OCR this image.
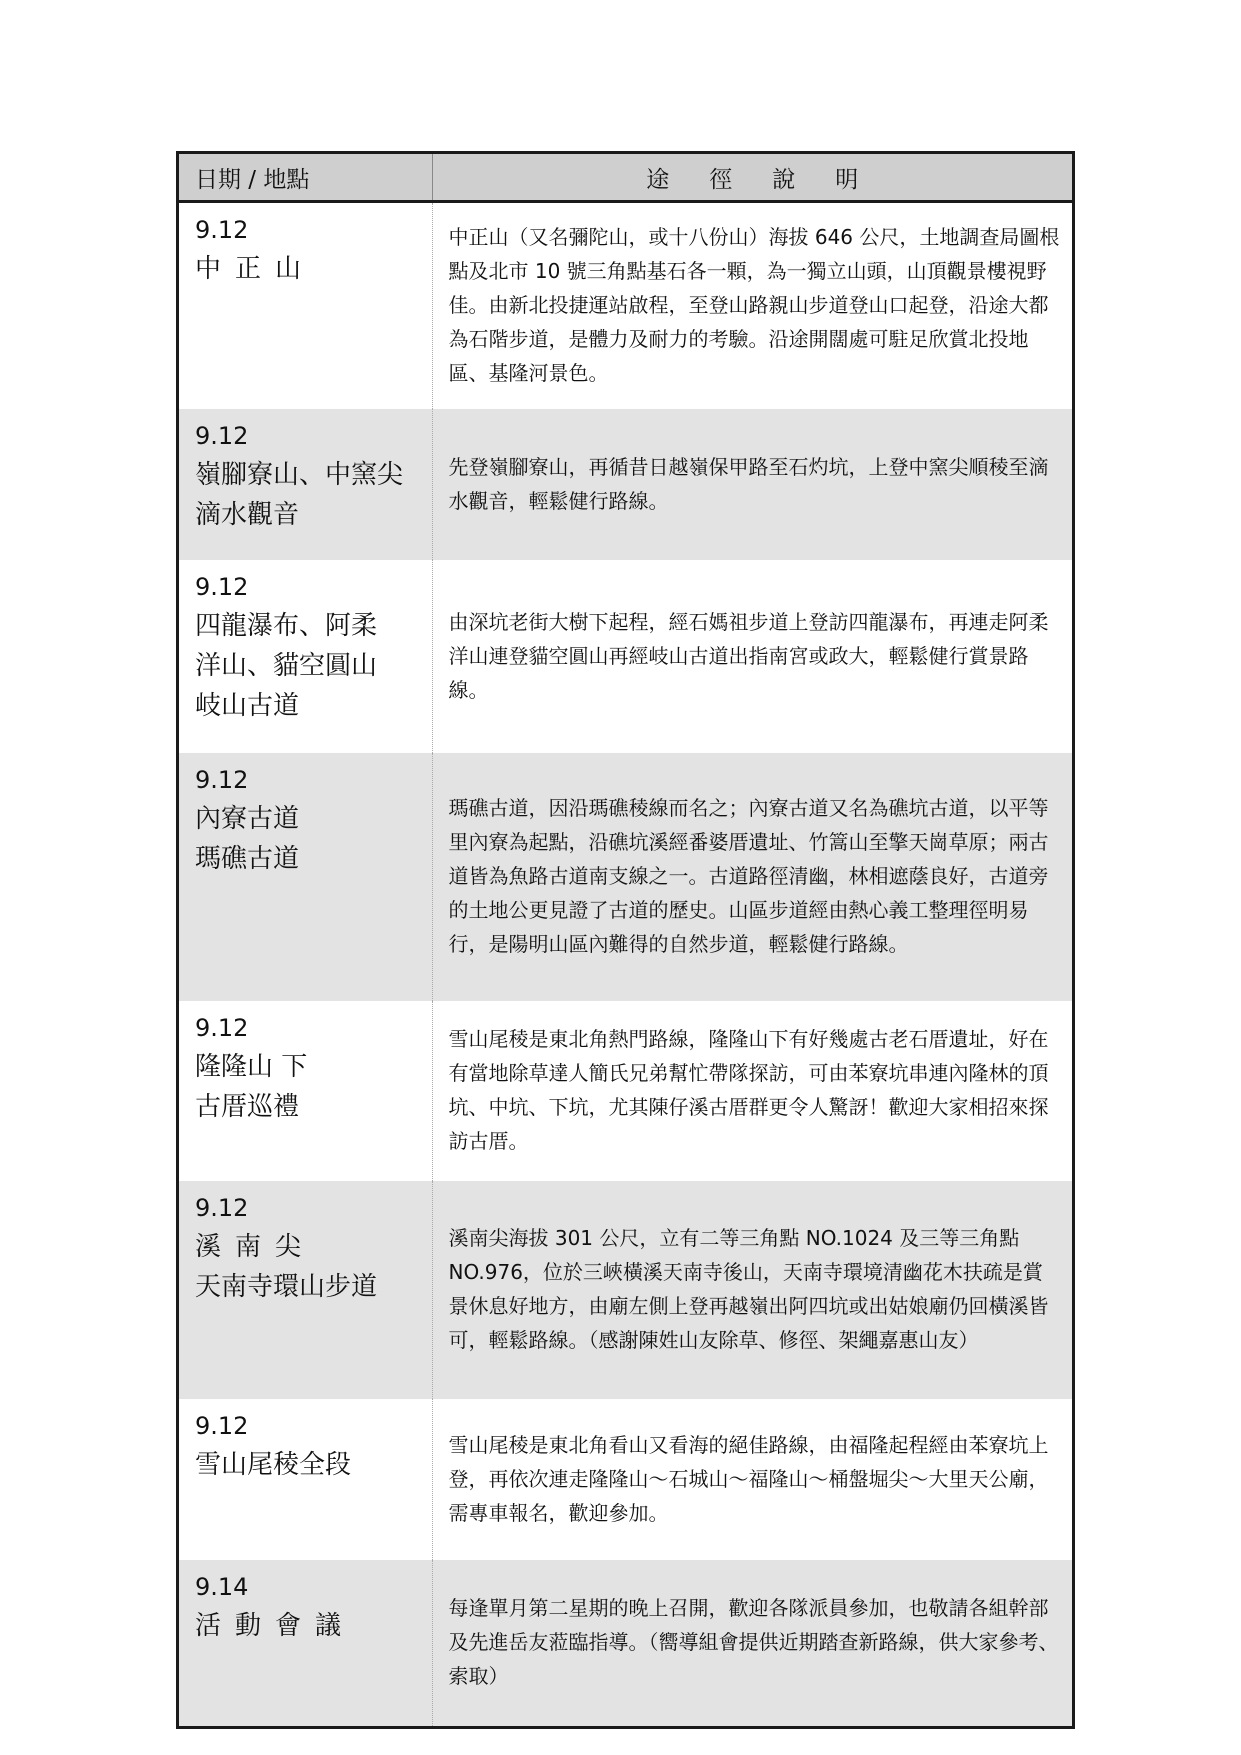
日期 / 地點	途徑說明

9.12
中正山	中正山（又名彌陀山，或十八份山）海拔 646 公尺，土地調查局圖根點及北市 10 號三角點基石各一顆，為一獨立山頭，山頂觀景樓視野佳。由新北投捷運站啟程，至登山路親山步道登山口起登，沿途大都為石階步道，是體力及耐力的考驗。沿途開闊處可駐足欣賞北投地區、基隆河景色。

9.12
嶺腳寮山、中窯尖
滴水觀音	先登嶺腳寮山，再循昔日越嶺保甲路至石灼坑，上登中窯尖順稜至滴水觀音，輕鬆健行路線。

9.12
四龍瀑布、阿柔
洋山、貓空圓山
岐山古道	由深坑老街大樹下起程，經石媽祖步道上登訪四龍瀑布，再連走阿柔洋山連登貓空圓山再經岐山古道出指南宮或政大，輕鬆健行賞景路線。

9.12
內寮古道
瑪礁古道	瑪礁古道，因沿瑪礁稜線而名之；內寮古道又名為礁坑古道，以平等里內寮為起點，沿礁坑溪經番婆厝遺址、竹篙山至擎天崗草原；兩古道皆為魚路古道南支線之一。古道路徑清幽，林相遮蔭良好，古道旁的土地公更見證了古道的歷史。山區步道經由熱心義工整理徑明易行，是陽明山區內難得的自然步道，輕鬆健行路線。

9.12
隆隆山 下
古厝巡禮	雪山尾稜是東北角熱門路線，隆隆山下有好幾處古老石厝遺址，好在有當地除草達人簡氏兄弟幫忙帶隊探訪，可由苯寮坑串連內隆林的頂坑、中坑、下坑，尤其陳仔溪古厝群更令人驚訝！歡迎大家相招來探訪古厝。

9.12
溪南尖
天南寺環山步道	溪南尖海拔 301 公尺，立有二等三角點 NO.1024 及三等三角點 NO.976，位於三峽橫溪天南寺後山，天南寺環境清幽花木扶疏是賞景休息好地方，由廟左側上登再越嶺出阿四坑或出姑娘廟仍回橫溪皆可，輕鬆路線。（感謝陳姓山友除草、修徑、架繩嘉惠山友）

9.12
雪山尾稜全段	雪山尾稜是東北角看山又看海的絕佳路線，由福隆起程經由苯寮坑上登，再依次連走隆隆山～石城山～福隆山～桶盤堀尖～大里天公廟，需專車報名，歡迎參加。

9.14
活動會議	每逢單月第二星期的晚上召開，歡迎各隊派員參加，也敬請各組幹部及先進岳友蒞臨指導。（嚮導組會提供近期踏查新路線，供大家參考、索取）
